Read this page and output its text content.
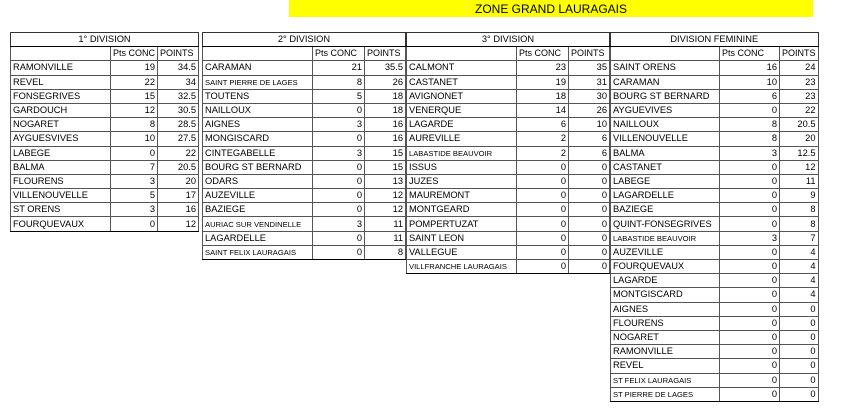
ZONE GRAND LAURAGAIS
1° DIVISION		
	Pts CONC	POINTS
RAMONVILLE	19	34.5
REVEL	22	34
FONSEGRIVES	15	32.5
GARDOUCH	12	30.5
NOGARET	8	28.5
AYGUESVIVES	10	27.5
LABEGE	0	22
BALMA	7	20.5
FLOURENS	3	20
VILLENOUVELLE	5	17
ST ORENS	3	16
FOURQUEVAUX	0	12
2° DIVISION		
	Pts CONC	POINTS
CARAMAN	21	35.5
SAINT PIERRE DE LAGES	8	26
TOUTENS	5	18
NAILLOUX	0	18
AIGNES	3	16
MONGISCARD	0	16
CINTEGABELLE	3	15
BOURG ST BERNARD	0	15
ODARS	0	13
AUZEVILLE	0	12
BAZIEGE	0	12
AURIAC SUR VENDINELLE	3	11
LAGARDELLE	0	11
SAINT FELIX LAURAGAIS	0	8
3° DIVISION		
	Pts CONC	POINTS
CALMONT	23	35
CASTANET	19	31
AVIGNONET	18	30
VENERQUE	14	26
LAGARDE	6	10
AUREVILLE	2	6
LABASTIDE BEAUVOIR	2	6
ISSUS	0	0
JUZES	0	0
MAUREMONT	0	0
MONTGEARD	0	0
POMPERTUZAT	0	0
SAINT LEON	0	0
VALLEGUE	0	0
VILLFRANCHE LAURAGAIS	0	0
DIVISION FEMININE		
	Pts CONC	POINTS
SAINT ORENS	16	24
CARAMAN	10	23
BOURG ST BERNARD	6	23
AYGUEVIVES	0	22
NAILLOUX	8	20.5
VILLENOUVELLE	8	20
BALMA	3	12.5
CASTANET	0	12
LABEGE	0	11
LAGARDELLE	0	9
BAZIEGE	0	8
QUINT-FONSEGRIVES	0	8
LABASTIDE BEAUVOIR	3	7
AUZEVILLE	0	4
FOURQUEVAUX	0	4
LAGARDE	0	4
MONTGISCARD	0	4
AIGNES	0	0
FLOURENS	0	0
NOGARET	0	0
RAMONVILLE	0	0
REVEL	0	0
ST FELIX LAURAGAIS	0	0
ST PIERRE DE LAGES	0	0
